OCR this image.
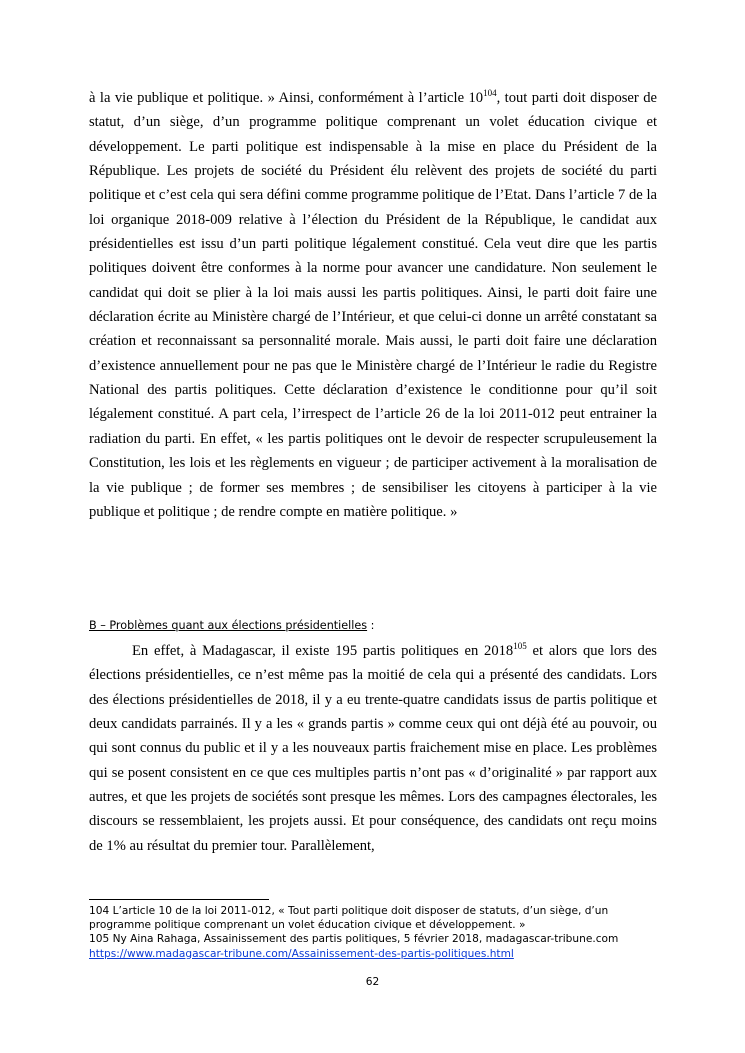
à la vie publique et politique. » Ainsi, conformément à l’article $10^{104}$, tout parti doit disposer de statut, d’un siège, d’un programme politique comprenant un volet éducation civique et développement. Le parti politique est indispensable à la mise en place du Président de la République. Les projets de société du Président élu relèvent des projets de société du parti politique et c’est cela qui sera défini comme programme politique de l’Etat. Dans l’article 7 de la loi organique 2018-009 relative à l’élection du Président de la République, le candidat aux présidentielles est issu d’un parti politique légalement constitué. Cela veut dire que les partis politiques doivent être conformes à la norme pour avancer une candidature. Non seulement le candidat qui doit se plier à la loi mais aussi les partis politiques. Ainsi, le parti doit faire une déclaration écrite au Ministère chargé de l’Intérieur, et que celui-ci donne un arrêté constatant sa création et reconnaissant sa personnalité morale. Mais aussi, le parti doit faire une déclaration d’existence annuellement pour ne pas que le Ministère chargé de l’Intérieur le radie du Registre National des partis politiques. Cette déclaration d’existence le conditionne pour qu’il soit légalement constitué. A part cela, l’irrespect de l’article 26 de la loi 2011-012 peut entrainer la radiation du parti. En effet, « les partis politiques ont le devoir de respecter scrupuleusement la Constitution, les lois et les règlements en vigueur ; de participer activement à la moralisation de la vie publique ; de former ses membres ; de sensibiliser les citoyens à participer à la vie publique et politique ; de rendre compte en matière politique. »

B – Problèmes quant aux élections présidentielles :

En effet, à Madagascar, il existe 195 partis politiques en 2018$^{105}$ et alors que lors des élections présidentielles, ce n’est même pas la moitié de cela qui a présenté des candidats. Lors des élections présidentielles de 2018, il y a eu trente-quatre candidats issus de partis politique et deux candidats parrainés. Il y a les « grands partis » comme ceux qui ont déjà été au pouvoir, ou qui sont connus du public et il y a les nouveaux partis fraichement mise en place. Les problèmes qui se posent consistent en ce que ces multiples partis n’ont pas « d’originalité » par rapport aux autres, et que les projets de sociétés sont presque les mêmes. Lors des campagnes électorales, les discours se ressemblaient, les projets aussi. Et pour conséquence, des candidats ont reçu moins de 1% au résultat du premier tour. Parallèlement,

104 L’article 10 de la loi 2011-012, « Tout parti politique doit disposer de statuts, d’un siège, d’un programme politique comprenant un volet éducation civique et développement. »

105 Ny Aina Rahaga, Assainissement des partis politiques, 5 février 2018, madagascar-tribune.com

https://www.madagascar-tribune.com/Assainissement-des-partis-politiques.html

62
